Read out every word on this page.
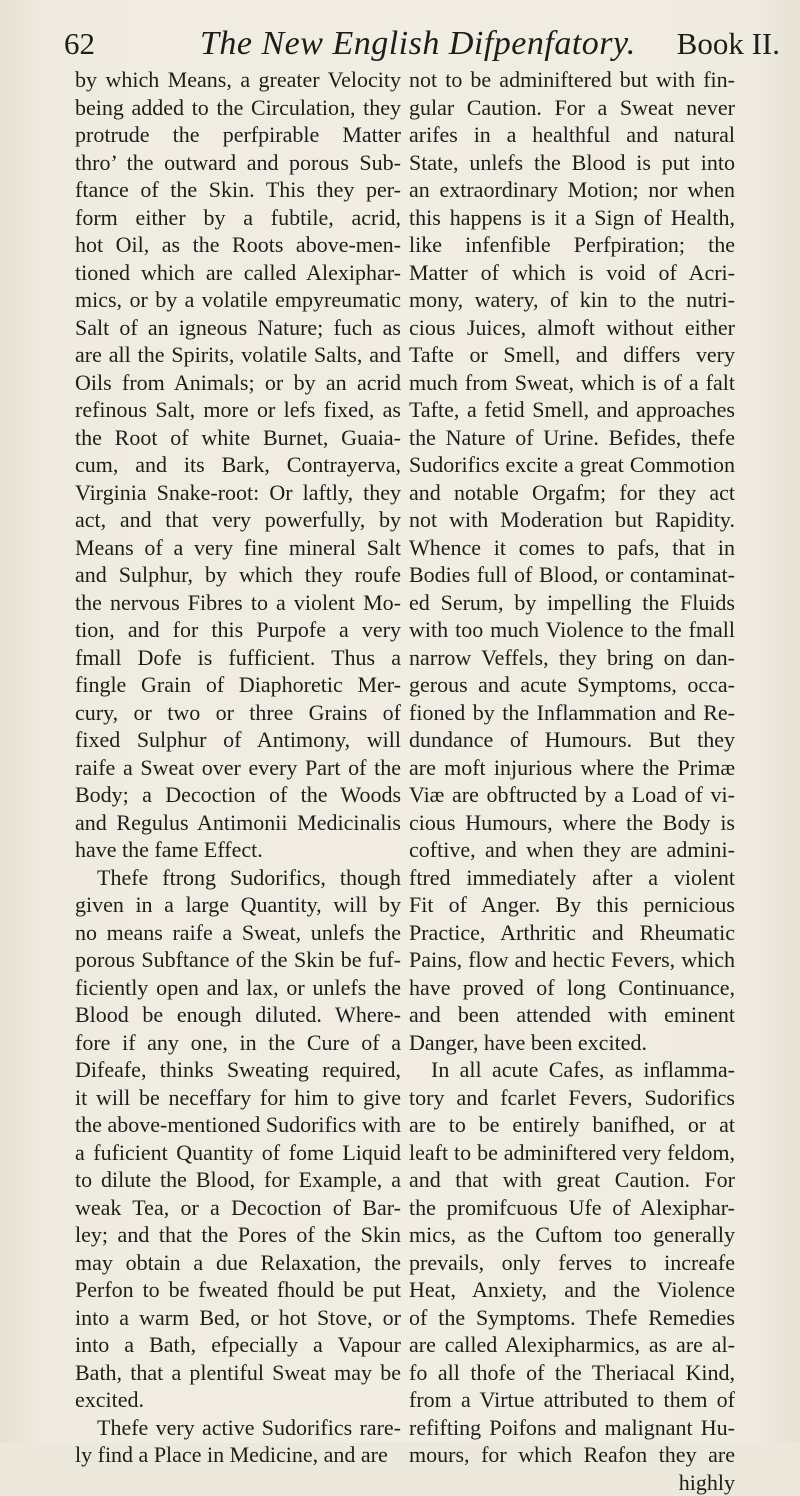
62	The New English Difpenfatory. Book II.
by which Means, a greater Velocity
being added to the Circulation, they
protrude the perfpirable Matter
thro’ the outward and porous Sub-
ftance of the Skin. This they per-
form either by a fubtile, acrid,
hot Oil, as the Roots above-men-
tioned which are called Alexiphar-
mics, or by a volatile empyreumatic
Salt of an igneous Nature; fuch as
are all the Spirits, volatile Salts, and
Oils from Animals; or by an acrid
refinous Salt, more or lefs fixed, as
the Root of white Burnet, Guaia-
cum, and its Bark, Contrayerva,
Virginia Snake-root: Or laftly, they
act, and that very powerfully, by
Means of a very fine mineral Salt
and Sulphur, by which they roufe
the nervous Fibres to a violent Mo-
tion, and for this Purpofe a very
fmall Dofe is fufficient. Thus a
fingle Grain of Diaphoretic Mer-
cury, or two or three Grains of
fixed Sulphur of Antimony, will
raife a Sweat over every Part of the
Body; a Decoction of the Woods
and Regulus Antimonii Medicinalis
have the fame Effect.
Thefe ftrong Sudorifics, though
given in a large Quantity, will by
no means raife a Sweat, unlefs the
porous Subftance of the Skin be fuf-
ficiently open and lax, or unlefs the
Blood be enough diluted. Where-
fore if any one, in the Cure of a
Difeafe, thinks Sweating required,
it will be neceffary for him to give
the above-mentioned Sudorifics with
a fuficient Quantity of fome Liquid
to dilute the Blood, for Example, a
weak Tea, or a Decoction of Bar-
ley; and that the Pores of the Skin
may obtain a due Relaxation, the
Perfon to be fweated fhould be put
into a warm Bed, or hot Stove, or
into a Bath, efpecially a Vapour
Bath, that a plentiful Sweat may be
excited.
Thefe very active Sudorifics rare-
ly find a Place in Medicine, and are
not to be adminiftered but with fin-
gular Caution. For a Sweat never
arifes in a healthful and natural
State, unlefs the Blood is put into
an extraordinary Motion; nor when
this happens is it a Sign of Health,
like infenfible Perfpiration; the
Matter of which is void of Acri-
mony, watery, of kin to the nutri-
cious Juices, almoft without either
Tafte or Smell, and differs very
much from Sweat, which is of a falt
Tafte, a fetid Smell, and approaches
the Nature of Urine. Befides, thefe
Sudorifics excite a great Commotion
and notable Orgafm; for they act
not with Moderation but Rapidity.
Whence it comes to pafs, that in
Bodies full of Blood, or contaminat-
ed Serum, by impelling the Fluids
with too much Violence to the fmall
narrow Veffels, they bring on dan-
gerous and acute Symptoms, occa-
fioned by the Inflammation and Re-
dundance of Humours. But they
are moft injurious where the Primæ
Viæ are obftructed by a Load of vi-
cious Humours, where the Body is
coftive, and when they are admini-
ftred immediately after a violent
Fit of Anger. By this pernicious
Practice, Arthritic and Rheumatic
Pains, flow and hectic Fevers, which
have proved of long Continuance,
and been attended with eminent
Danger, have been excited.
In all acute Cafes, as inflamma-
tory and fcarlet Fevers, Sudorifics
are to be entirely banifhed, or at
leaft to be adminiftered very feldom,
and that with great Caution. For
the promifcuous Ufe of Alexiphar-
mics, as the Cuftom too generally
prevails, only ferves to increafe
Heat, Anxiety, and the Violence
of the Symptoms. Thefe Remedies
are called Alexipharmics, as are al-
fo all thofe of the Theriacal Kind,
from a Virtue attributed to them of
refifting Poifons and malignant Hu-
mours, for which Reafon they are
highly
